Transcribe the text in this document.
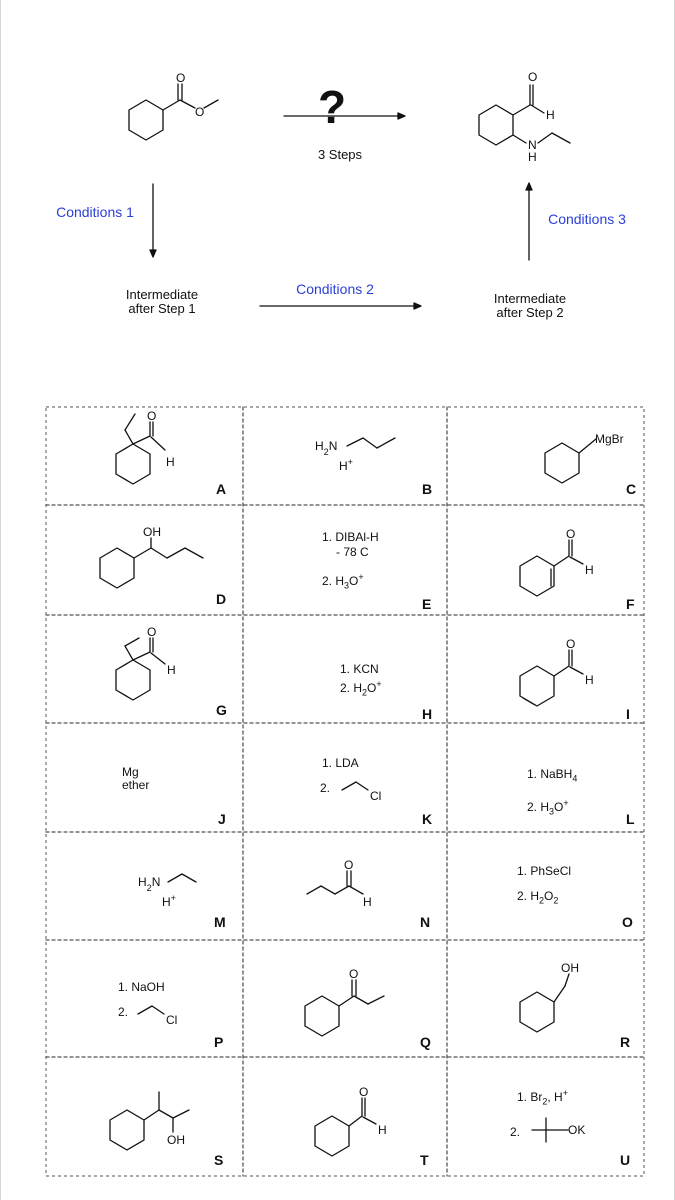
O
O ?
3 Steps
O
H
N
H
Conditions 1	Conditions 3
Intermediate
after Step 1
Conditions 2
Intermediate
after Step 2
O
H
A
$H_2N$
H+
B
MgBr
C
OH
D
1. DIBAl-H
- 78 C
2. $H_3O^+$
E
O
H
F
O
H
G
1. KCN
2. $H_2O^+$
H
O
H
I
Mg
ether
J
1. LDA
2.
Cl
K
1. NaBH$_4$
2. $H_3O^+$
L
$H_2N$
H+
M
O
H
N
1. PhSeCl
2. $H_2O_2$
O
1. NaOH
2.
Cl
P
O
Q
OH
R
OH
S
O
H
T
1. $Br_2$, H+
2.	OK
U
